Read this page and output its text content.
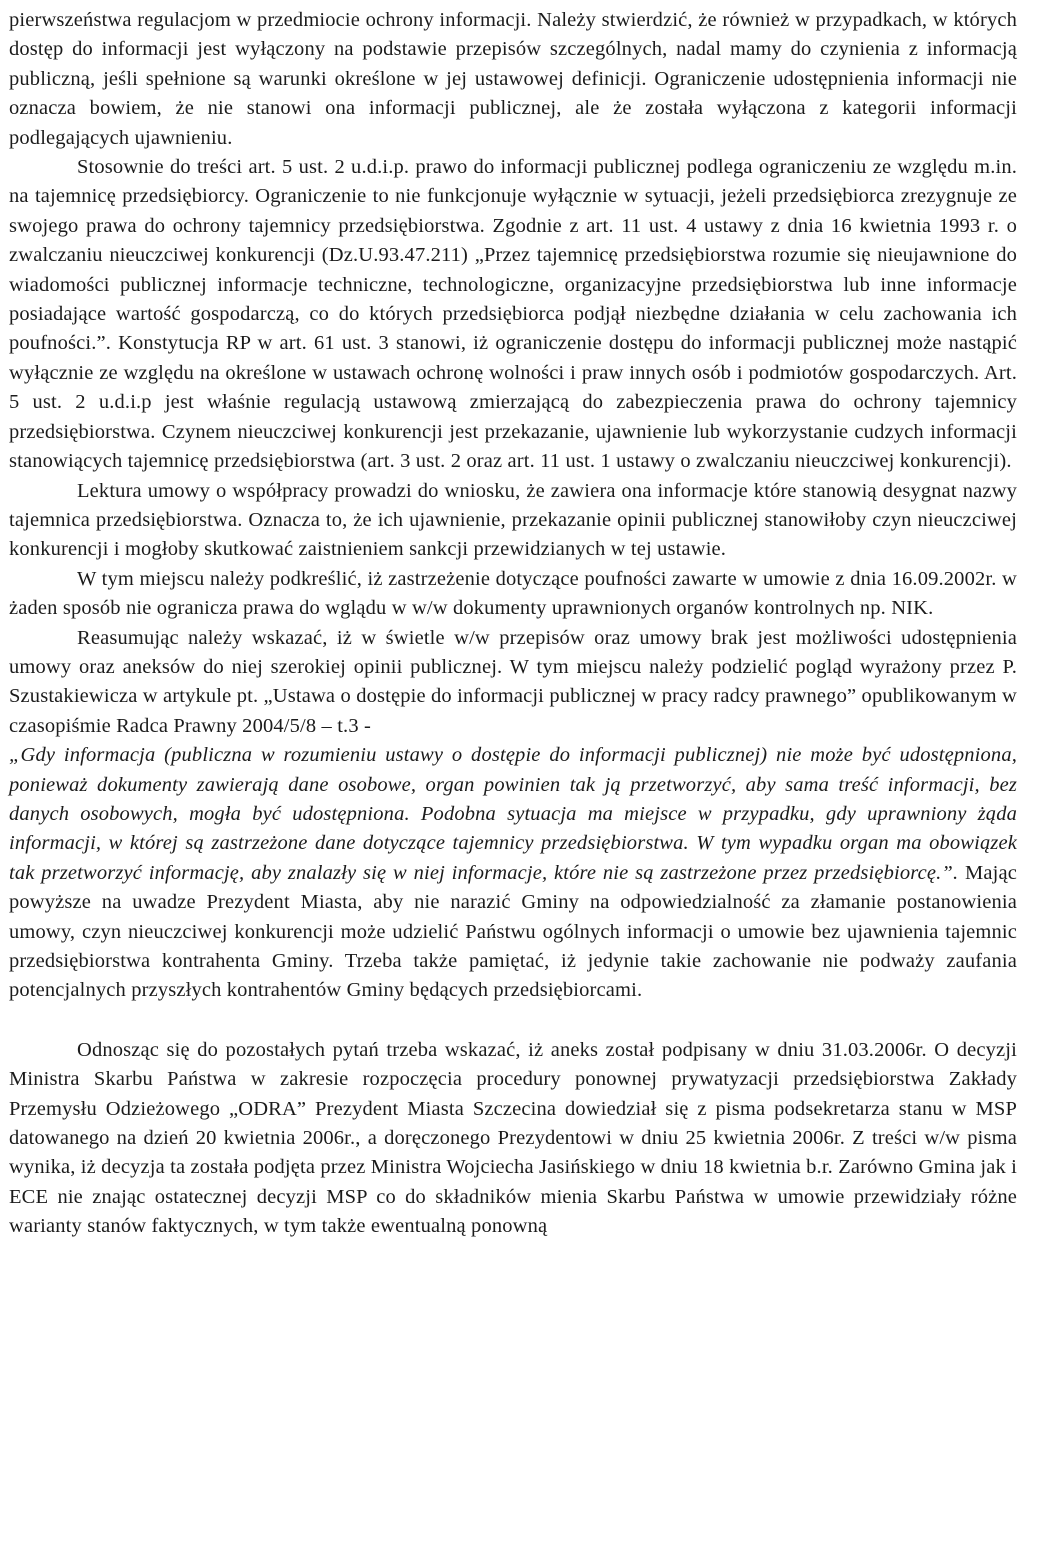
pierwszeństwa regulacjom w przedmiocie ochrony informacji. Należy stwierdzić, że również w przypadkach, w których dostęp do informacji jest wyłączony na podstawie przepisów szczególnych, nadal mamy do czynienia z informacją publiczną, jeśli spełnione są warunki określone w jej ustawowej definicji. Ograniczenie udostępnienia informacji nie oznacza bowiem, że nie stanowi ona informacji publicznej, ale że została wyłączona z kategorii informacji podlegających ujawnieniu.

Stosownie do treści art. 5 ust. 2 u.d.i.p. prawo do informacji publicznej podlega ograniczeniu ze względu m.in. na tajemnicę przedsiębiorcy. Ograniczenie to nie funkcjonuje wyłącznie w sytuacji, jeżeli przedsiębiorca zrezygnuje ze swojego prawa do ochrony tajemnicy przedsiębiorstwa. Zgodnie z art. 11 ust. 4 ustawy z dnia 16 kwietnia 1993 r. o zwalczaniu nieuczciwej konkurencji (Dz.U.93.47.211) „Przez tajemnicę przedsiębiorstwa rozumie się nieujawnione do wiadomości publicznej informacje techniczne, technologiczne, organizacyjne przedsiębiorstwa lub inne informacje posiadające wartość gospodarczą, co do których przedsiębiorca podjął niezbędne działania w celu zachowania ich poufności.”. Konstytucja RP w art. 61 ust. 3 stanowi, iż ograniczenie dostępu do informacji publicznej może nastąpić wyłącznie ze względu na określone w ustawach ochronę wolności i praw innych osób i podmiotów gospodarczych. Art. 5 ust. 2 u.d.i.p jest właśnie regulacją ustawową zmierzającą do zabezpieczenia prawa do ochrony tajemnicy przedsiębiorstwa. Czynem nieuczciwej konkurencji jest przekazanie, ujawnienie lub wykorzystanie cudzych informacji stanowiących tajemnicę przedsiębiorstwa (art. 3 ust. 2 oraz art. 11 ust. 1 ustawy o zwalczaniu nieuczciwej konkurencji).

Lektura umowy o współpracy prowadzi do wniosku, że zawiera ona informacje które stanowią desygnat nazwy tajemnica przedsiębiorstwa. Oznacza to, że ich ujawnienie, przekazanie opinii publicznej stanowiłoby czyn nieuczciwej konkurencji i mogłoby skutkować zaistnieniem sankcji przewidzianych w tej ustawie.

W tym miejscu należy podkreślić, iż zastrzeżenie dotyczące poufności zawarte w umowie z dnia 16.09.2002r. w żaden sposób nie ogranicza prawa do wglądu w w/w dokumenty uprawnionych organów kontrolnych np. NIK.

Reasumując należy wskazać, iż w świetle w/w przepisów oraz umowy brak jest możliwości udostępnienia umowy oraz aneksów do niej szerokiej opinii publicznej. W tym miejscu należy podzielić pogląd wyrażony przez P. Szustakiewicza w artykule pt. „Ustawa o dostępie do informacji publicznej w pracy radcy prawnego” opublikowanym w czasopiśmie Radca Prawny 2004/5/8 – t.3 -

„Gdy informacja (publiczna w rozumieniu ustawy o dostępie do informacji publicznej) nie może być udostępniona, ponieważ dokumenty zawierają dane osobowe, organ powinien tak ją przetworzyć, aby sama treść informacji, bez danych osobowych, mogła być udostępniona. Podobna sytuacja ma miejsce w przypadku, gdy uprawniony żąda informacji, w której są zastrzeżone dane dotyczące tajemnicy przedsiębiorstwa. W tym wypadku organ ma obowiązek tak przetworzyć informację, aby znalazły się w niej informacje, które nie są zastrzeżone przez przedsiębiorcę.”. Mając powyższe na uwadze Prezydent Miasta, aby nie narazić Gminy na odpowiedzialność za złamanie postanowienia umowy, czyn nieuczciwej konkurencji może udzielić Państwu ogólnych informacji o umowie bez ujawnienia tajemnic przedsiębiorstwa kontrahenta Gminy. Trzeba także pamiętać, iż jedynie takie zachowanie nie podważy zaufania potencjalnych przyszłych kontrahentów Gminy będących przedsiębiorcami.

Odnosząc się do pozostałych pytań trzeba wskazać, iż aneks został podpisany w dniu 31.03.2006r. O decyzji Ministra Skarbu Państwa w zakresie rozpoczęcia procedury ponownej prywatyzacji przedsiębiorstwa Zakłady Przemysłu Odzieżowego „ODRA” Prezydent Miasta Szczecina dowiedział się z pisma podsekretarza stanu w MSP datowanego na dzień 20 kwietnia 2006r., a doręczonego Prezydentowi w dniu 25 kwietnia 2006r. Z treści w/w pisma wynika, iż decyzja ta została podjęta przez Ministra Wojciecha Jasińskiego w dniu 18 kwietnia b.r. Zarówno Gmina jak i ECE nie znając ostatecznej decyzji MSP co do składników mienia Skarbu Państwa w umowie przewidziały różne warianty stanów faktycznych, w tym także ewentualną ponowną
